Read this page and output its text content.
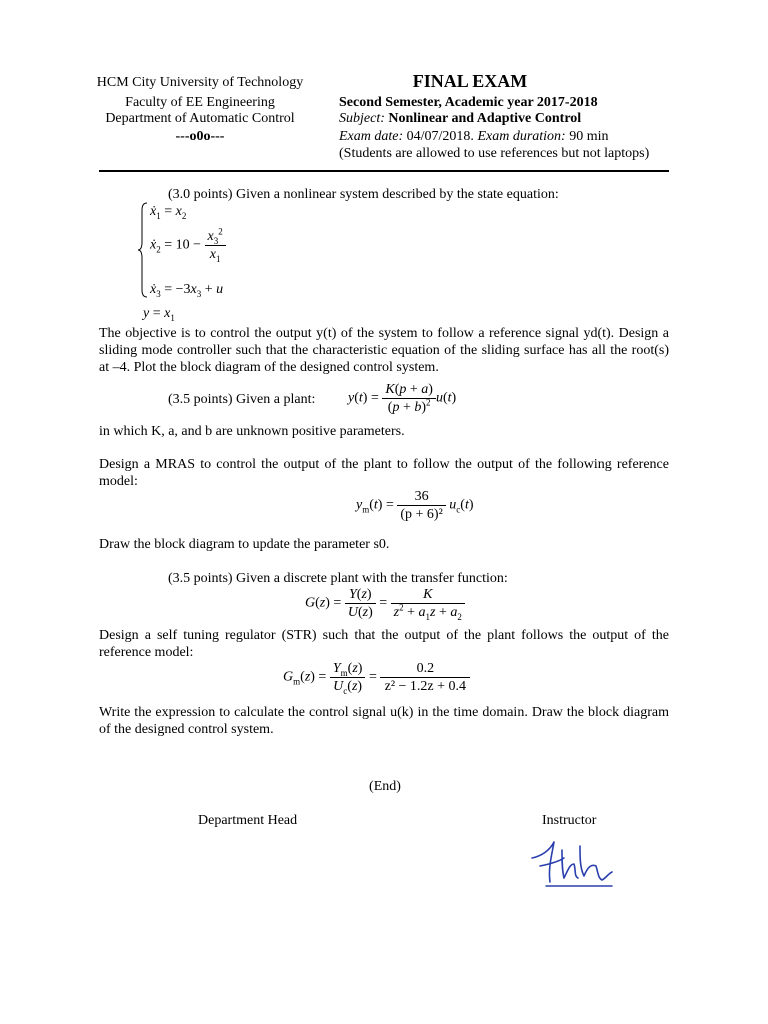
HCM City University of Technology
Faculty of EE Engineering
Department of Automatic Control
---o0o---
FINAL EXAM
Second Semester, Academic year 2017-2018
Subject: Nonlinear and Adaptive Control
Exam date: 04/07/2018. Exam duration: 90 min
(Students are allowed to use references but not laptops)
(3.0 points) Given a nonlinear system described by the state equation:
ẋ$_1$ = $x_2$
ẋ$_2$ = $10 - \frac{x_3^2}{x_1}$
ẋ$_3$ = $-3x_3 + u$
$y = x_1$
The objective is to control the output y(t) of the system to follow a reference signal yd(t). Design a sliding mode controller such that the characteristic equation of the sliding surface has all the root(s) at –4. Plot the block diagram of the designed control system.
(3.5 points) Given a plant: $y(t) = \frac{K(p + a)}{(p + b)^2} u(t)$
in which K, a, and b are unknown positive parameters.
Design a MRAS to control the output of the plant to follow the output of the following reference model:
$y_m(t) = \frac{36}{\text{(p + 6)²}} u_c(t)$
Draw the block diagram to update the parameter s0.
(3.5 points) Given a discrete plant with the transfer function:
$G(z) = \frac{Y(z)}{U(z)} = \frac{K}{z^2 + a_1z + a_2}$
Design a self tuning regulator (STR) such that the output of the plant follows the output of the reference model:
$G_m(z) = \frac{Y_m(z)}{U_c(z)} = \frac{0.2}{\text{z² − 1.2z + 0.4}}$
Write the expression to calculate the control signal u(k) in the time domain. Draw the block diagram of the designed control system.
(End)
Department Head	Instructor
